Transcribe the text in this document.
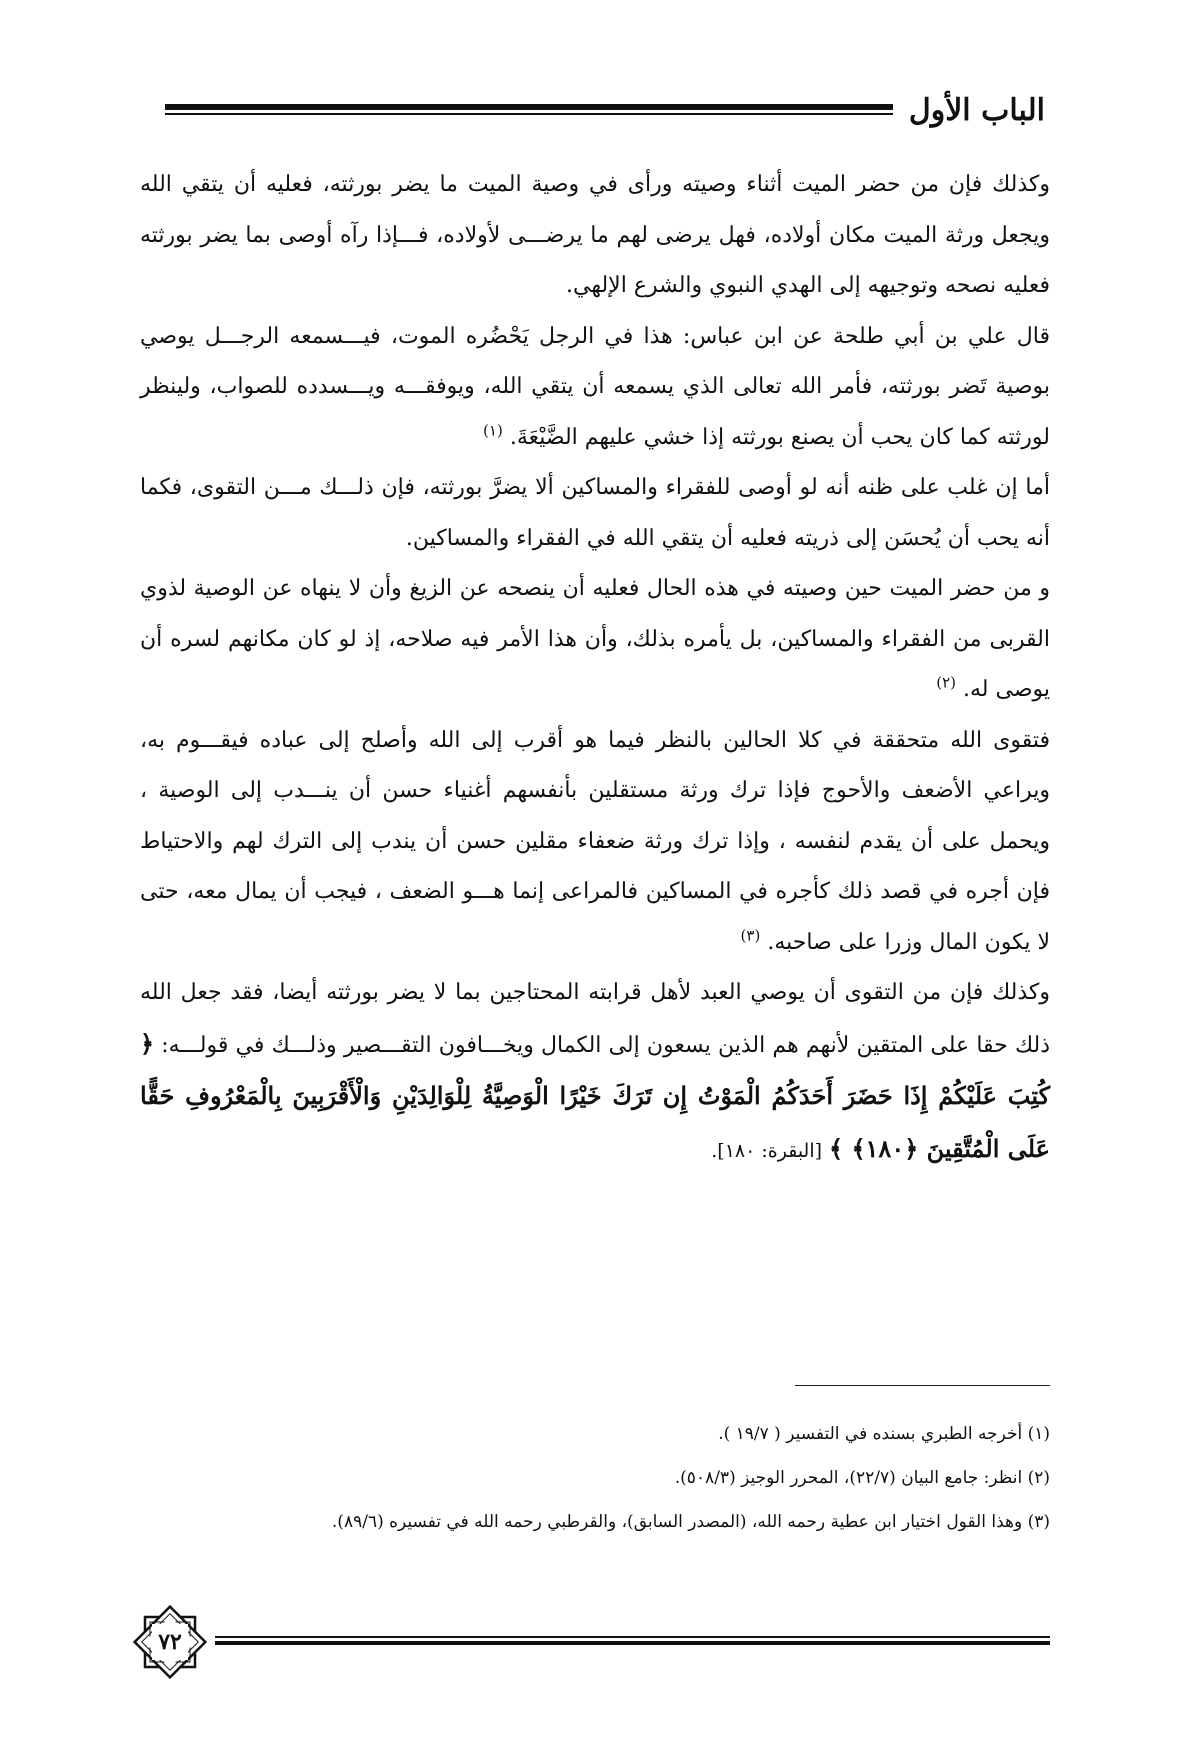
الباب الأول

وكذلك فإن من حضر الميت أثناء وصيته ورأى في وصية الميت ما يضر بورثته، فعليه أن يتقي الله ويجعل ورثة الميت مكان أولاده، فهل يرضى لهم ما يرضـــى لأولاده، فـــإذا رآه أوصى بما يضر بورثته فعليه نصحه وتوجيهه إلى الهدي النبوي والشرع الإلهي.

قال علي بن أبي طلحة عن ابن عباس: هذا في الرجل يَحْضُره الموت، فيـــسمعه الرجـــل يوصي بوصية تَضر بورثته، فأمر الله تعالى الذي يسمعه أن يتقي الله، ويوفقـــه ويـــسدده للصواب، ولينظر لورثته كما كان يحب أن يصنع بورثته إذا خشي عليهم الضَّيْعَةَ. $^{(١)}$

أما إن غلب على ظنه أنه لو أوصى للفقراء والمساكين ألا يضرَّ بورثته، فإن ذلـــك مـــن التقوى، فكما أنه يحب أن يُحسَن إلى ذريته فعليه أن يتقي الله في الفقراء والمساكين.

و من حضر الميت حين وصيته في هذه الحال فعليه أن ينصحه عن الزيغ وأن لا ينهاه عن الوصية لذوي القربى من الفقراء والمساكين، بل يأمره بذلك، وأن هذا الأمر فيه صلاحه، إذ لو كان مكانهم لسره أن يوصى له. $^{(٢)}$

فتقوى الله متحققة في كلا الحالين بالنظر فيما هو أقرب إلى الله وأصلح إلى عباده فيقـــوم به، ويراعي الأضعف والأحوج فإذا ترك ورثة مستقلين بأنفسهم أغنياء حسن أن ينـــدب إلى الوصية ، ويحمل على أن يقدم لنفسه ، وإذا ترك ورثة ضعفاء مقلين حسن أن يندب إلى الترك لهم والاحتياط فإن أجره في قصد ذلك كأجره في المساكين فالمراعى إنما هـــو الضعف ، فيجب أن يمال معه، حتى لا يكون المال وزرا على صاحبه. $^{(٣)}$

وكذلك فإن من التقوى أن يوصي العبد لأهل قرابته المحتاجين بما لا يضر بورثته أيضا، فقد جعل الله ذلك حقا على المتقين لأنهم هم الذين يسعون إلى الكمال ويخـــافون التقـــصير وذلـــك في قولـــه: ﴿ كُتِبَ عَلَيْكُمْ إِذَا حَضَرَ أَحَدَكُمُ الْمَوْتُ إِن تَرَكَ خَيْرًا الْوَصِيَّةُ لِلْوَالِدَيْنِ وَالْأَقْرَبِينَ بِالْمَعْرُوفِ حَقًّا عَلَى الْمُتَّقِينَ ﴿١٨٠﴾ ﴾ [البقرة: ١٨٠].

(١) أخرجه الطبري بسنده في التفسير ( ١٩/٧ ).

(٢) انظر: جامع البيان (٢٢/٧)، المحرر الوجيز (٥٠٨/٣).

(٣) وهذا القول اختيار ابن عطية رحمه الله، (المصدر السابق)، والقرطبي رحمه الله في تفسيره (٨٩/٦).

٧٢
